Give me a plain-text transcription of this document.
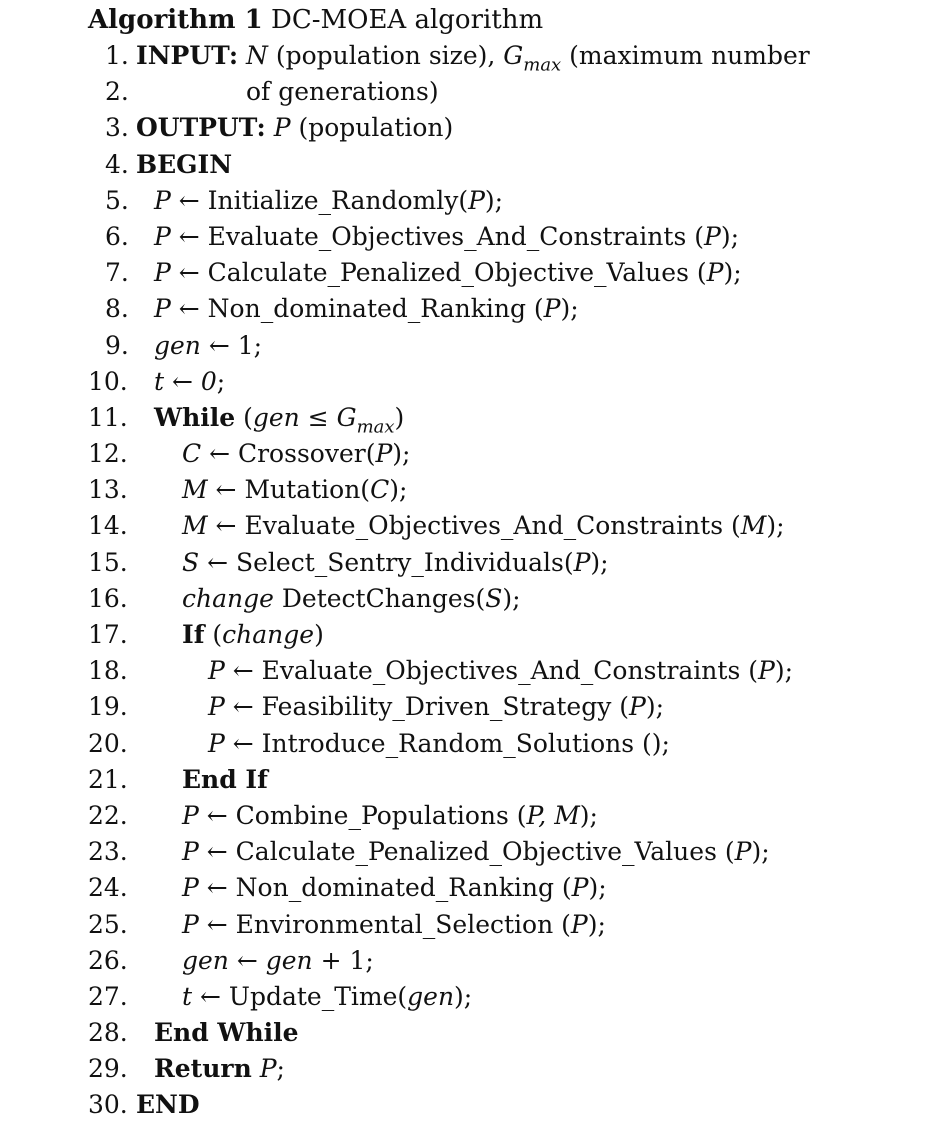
Algorithm 1 DC-MOEA algorithm
1. INPUT: N (population size), $G_{max}$ (maximum number
2.	of generations)
3. OUTPUT: P (population)
4. BEGIN
5. P ← Initialize_Randomly(P);
6. P ← Evaluate_Objectives_And_Constraints (P);
7. P ← Calculate_Penalized_Objective_Values (P);
8. P ← Non_dominated_Ranking (P);
9. gen ← 1;
10. t ← 0;
11. While $(gen \le G_{max})$
12. C ← Crossover(P);
13. M ← Mutation(C);
14. M ← Evaluate_Objectives_And_Constraints (M);
15. S ← Select_Sentry_Individuals(P);
16. change DetectChanges(S);
17. If (change)
18.	P ← Evaluate_Objectives_And_Constraints (P);
19.	P ← Feasibility_Driven_Strategy (P);
20.	P ← Introduce_Random_Solutions ();
21. End If
22. P ← Combine_Populations (P, M);
23. P ← Calculate_Penalized_Objective_Values (P);
24. P ← Non_dominated_Ranking (P);
25. P ← Environmental_Selection (P);
26. gen ← gen + 1;
27. t ← Update_Time(gen);
28. End While
29. Return P;
30. END
